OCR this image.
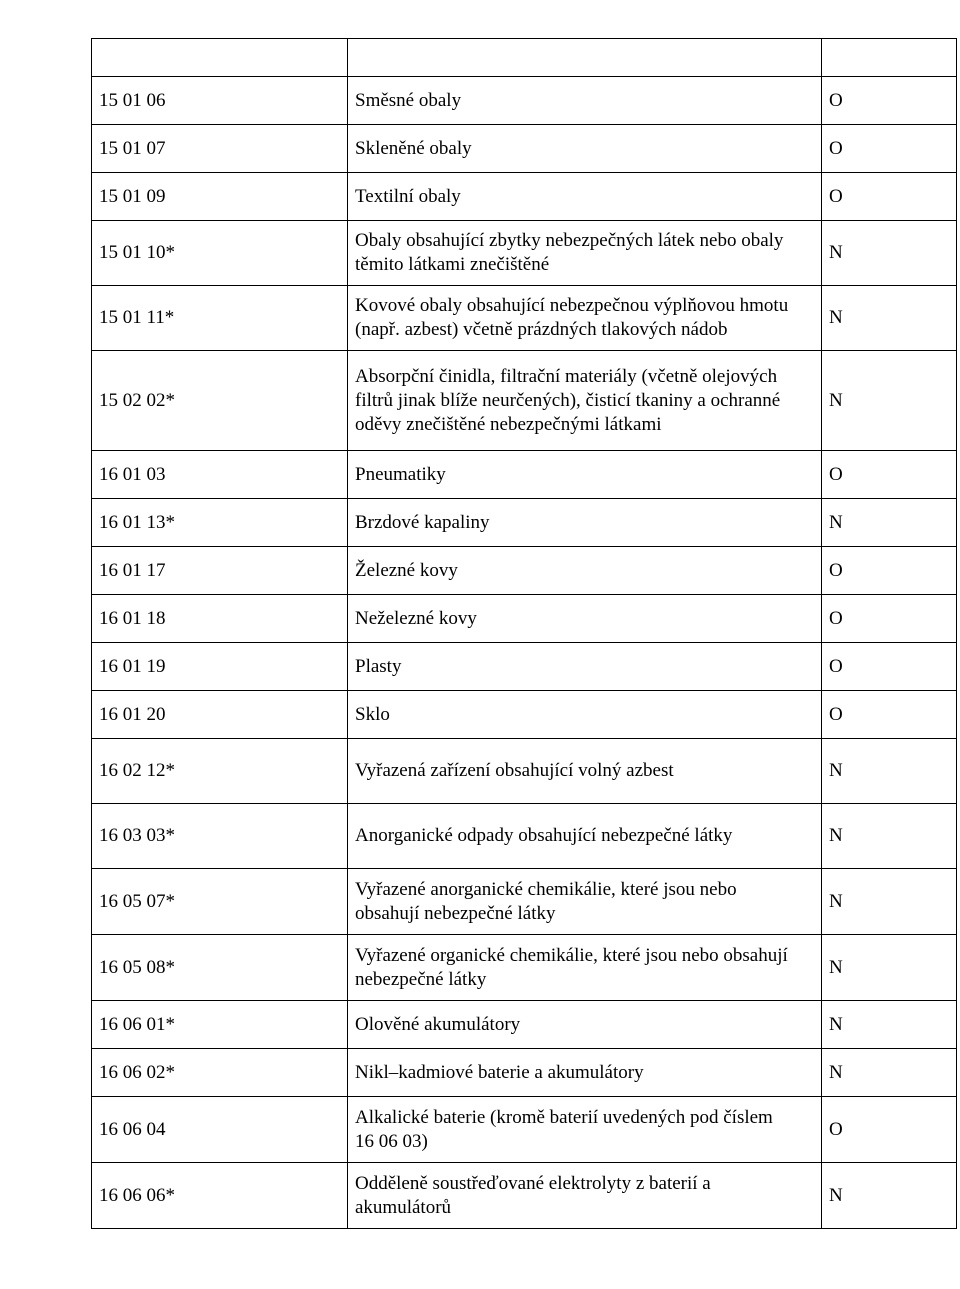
15 01 06	Směsné obaly	O
15 01 07	Skleněné obaly	O
15 01 09	Textilní obaly	O
15 01 10*	Obaly obsahující zbytky nebezpečných látek nebo obaly
těmito látkami znečištěné	N
15 01 11*	Kovové obaly obsahující nebezpečnou výplňovou hmotu
(např. azbest) včetně prázdných tlakových nádob	N
15 02 02*	Absorpční činidla, filtrační materiály (včetně olejových
filtrů jinak blíže neurčených), čisticí tkaniny a ochranné
oděvy znečištěné nebezpečnými látkami	N
16 01 03	Pneumatiky	O
16 01 13*	Brzdové kapaliny	N
16 01 17	Železné kovy	O
16 01 18	Neželezné kovy	O
16 01 19	Plasty	O
16 01 20	Sklo	O
16 02 12*	Vyřazená zařízení obsahující volný azbest	N
16 03 03*	Anorganické odpady obsahující nebezpečné látky	N
16 05 07*	Vyřazené anorganické chemikálie, které jsou nebo
obsahují nebezpečné látky	N
16 05 08*	Vyřazené organické chemikálie, které jsou nebo obsahují
nebezpečné látky	N
16 06 01*	Olověné akumulátory	N
16 06 02*	Nikl–kadmiové baterie a akumulátory	N
16 06 04	Alkalické baterie (kromě baterií uvedených pod číslem
16 06 03)	O
16 06 06*	Odděleně soustřeďované elektrolyty z baterií a
akumulátorů	N
